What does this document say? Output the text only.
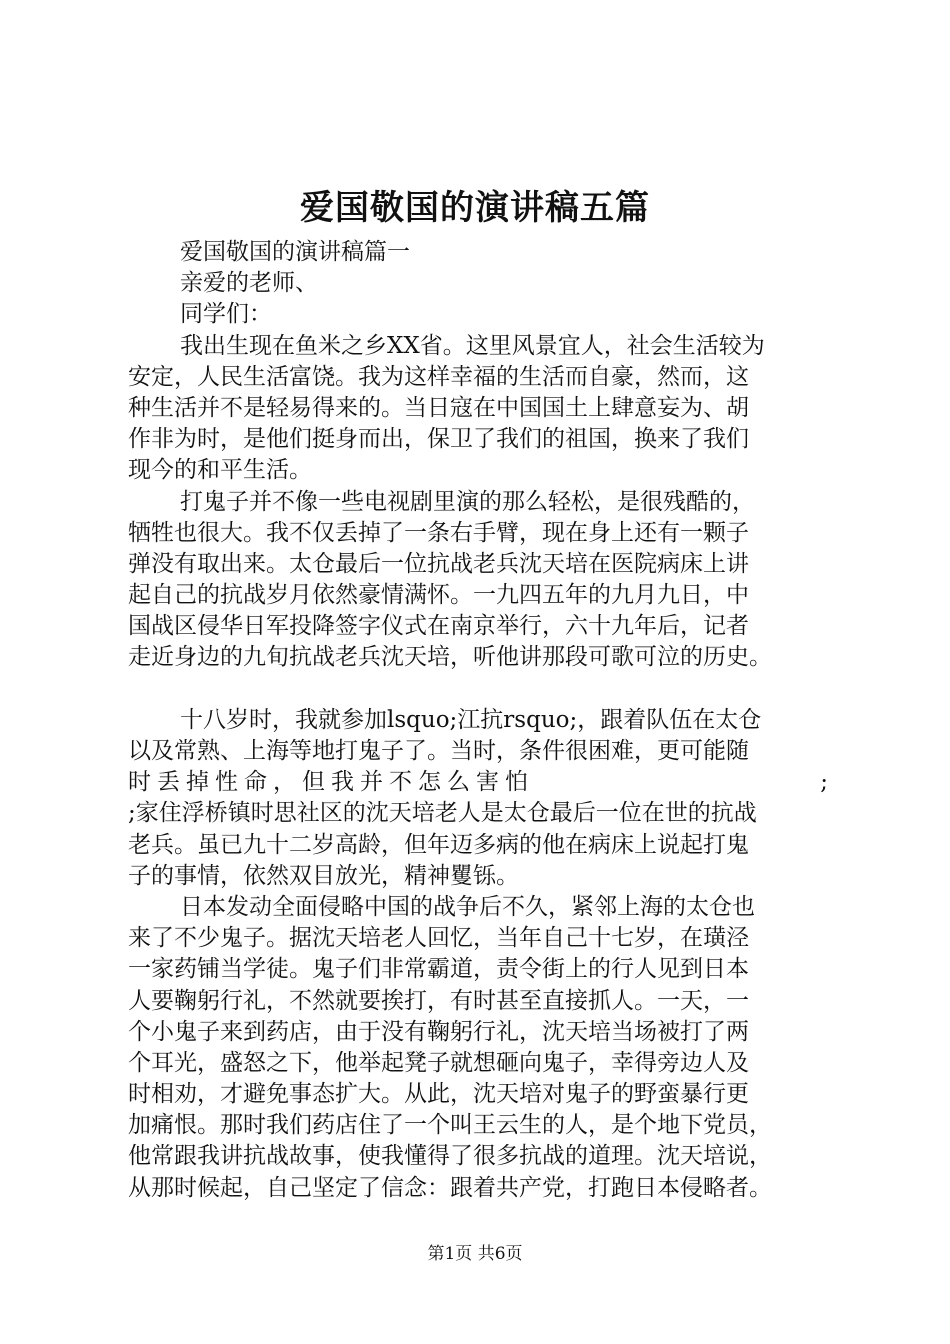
爱国敬国的演讲稿五篇
爱国敬国的演讲稿篇一
亲爱的老师、
同学们：
我出生现在鱼米之乡XX省。这里风景宜人，社会生活较为
安定，人民生活富饶。我为这样幸福的生活而自豪，然而，这
种生活并不是轻易得来的。当日寇在中国国土上肆意妄为、胡
作非为时，是他们挺身而出，保卫了我们的祖国，换来了我们
现今的和平生活。
打鬼子并不像一些电视剧里演的那么轻松，是很残酷的，
牺牲也很大。我不仅丢掉了一条右手臂，现在身上还有一颗子
弹没有取出来。太仓最后一位抗战老兵沈天培在医院病床上讲
起自己的抗战岁月依然豪情满怀。一九四五年的九月九日，中
国战区侵华日军投降签字仪式在南京举行，六十九年后，记者
走近身边的九旬抗战老兵沈天培，听他讲那段可歌可泣的历史。
十八岁时，我就参加lsquo;江抗rsquo;，跟着队伍在太仓
以及常熟、上海等地打鬼子了。当时，条件很困难，更可能随
时丢掉性命，但我并不怎么害怕	;
;家住浮桥镇时思社区的沈天培老人是太仓最后一位在世的抗战
老兵。虽已九十二岁高龄，但年迈多病的他在病床上说起打鬼
子的事情，依然双目放光，精神矍铄。
日本发动全面侵略中国的战争后不久，紧邻上海的太仓也
来了不少鬼子。据沈天培老人回忆，当年自己十七岁，在璜泾
一家药铺当学徒。鬼子们非常霸道，责令街上的行人见到日本
人要鞠躬行礼，不然就要挨打，有时甚至直接抓人。一天，一
个小鬼子来到药店，由于没有鞠躬行礼，沈天培当场被打了两
个耳光，盛怒之下，他举起凳子就想砸向鬼子，幸得旁边人及
时相劝，才避免事态扩大。从此，沈天培对鬼子的野蛮暴行更
加痛恨。那时我们药店住了一个叫王云生的人，是个地下党员，
他常跟我讲抗战故事，使我懂得了很多抗战的道理。沈天培说，
从那时候起，自己坚定了信念：跟着共产党，打跑日本侵略者。
第1页 共6页
